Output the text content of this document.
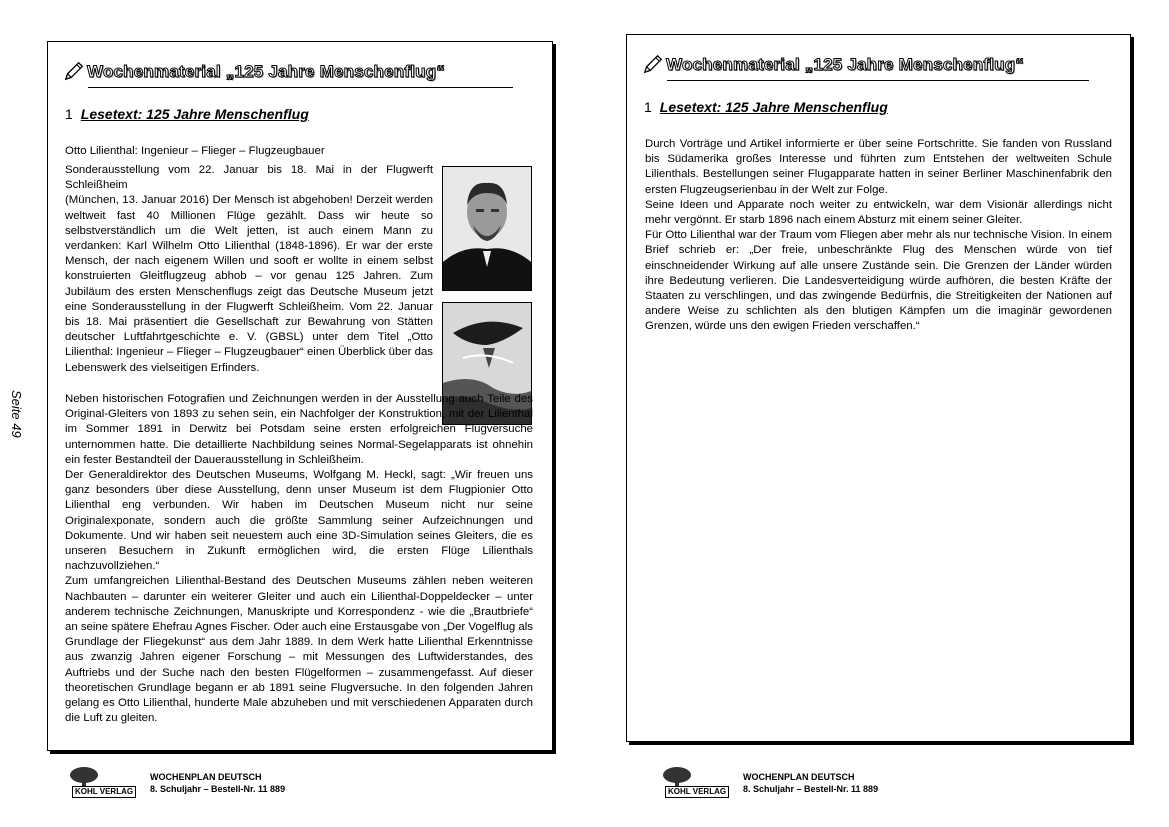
Seite 49
Wochenmaterial „125 Jahre Menschenflug“
1 Lesetext: 125 Jahre Menschenflug
Otto Lilienthal: Ingenieur – Flieger – Flugzeugbauer

Sonderausstellung vom 22. Januar bis 18. Mai in der Flugwerft Schleißheim

(München, 13. Januar 2016) Der Mensch ist abgehoben! Derzeit werden weltweit fast 40 Millionen Flüge gezählt. Dass wir heute so selbstverständlich um die Welt jetten, ist auch einem Mann zu verdanken: Karl Wilhelm Otto Lilienthal (1848-1896). Er war der erste Mensch, der nach eigenem Willen und sooft er wollte in einem selbst konstruierten Gleitflugzeug abhob – vor genau 125 Jahren. Zum Jubiläum des ersten Menschenflugs zeigt das Deutsche Museum jetzt eine Sonderausstellung in der Flugwerft Schleißheim. Vom 22. Januar bis 18. Mai präsentiert die Gesellschaft zur Bewahrung von Stätten deutscher Luftfahrtgeschichte e. V. (GBSL) unter dem Titel „Otto Lilienthal: Ingenieur – Flieger – Flugzeugbauer“ einen Überblick über das Lebenswerk des vielseitigen Erfinders.

Neben historischen Fotografien und Zeichnungen werden in der Ausstellung auch Teile des Original-Gleiters von 1893 zu sehen sein, ein Nachfolger der Konstruktion, mit der Lilienthal im Sommer 1891 in Derwitz bei Potsdam seine ersten erfolgreichen Flugversuche unternommen hatte. Die detaillierte Nachbildung seines Normal-Segelapparats ist ohnehin ein fester Bestandteil der Dauerausstellung in Schleißheim.

Der Generaldirektor des Deutschen Museums, Wolfgang M. Heckl, sagt: „Wir freuen uns ganz besonders über diese Ausstellung, denn unser Museum ist dem Flugpionier Otto Lilienthal eng verbunden. Wir haben im Deutschen Museum nicht nur seine Originalexponate, sondern auch die größte Sammlung seiner Aufzeichnungen und Dokumente. Und wir haben seit neuestem auch eine 3D-Simulation seines Gleiters, die es unseren Besuchern in Zukunft ermöglichen wird, die ersten Flüge Lilienthals nachzuvollziehen.“

Zum umfangreichen Lilienthal-Bestand des Deutschen Museums zählen neben weiteren Nachbauten – darunter ein weiterer Gleiter und auch ein Lilienthal-Doppeldecker – unter anderem technische Zeichnungen, Manuskripte und Korrespondenz - wie die „Brautbriefe“ an seine spätere Ehefrau Agnes Fischer. Oder auch eine Erstausgabe von „Der Vogelflug als Grundlage der Fliegekunst“ aus dem Jahr 1889. In dem Werk hatte Lilienthal Erkenntnisse aus zwanzig Jahren eigener Forschung – mit Messungen des Luftwiderstandes, des Auftriebs und der Suche nach den besten Flügelformen – zusammengefasst. Auf dieser theoretischen Grundlage begann er ab 1891 seine Flugversuche. In den folgenden Jahren gelang es Otto Lilienthal, hunderte Male abzuheben und mit verschiedenen Apparaten durch die Luft zu gleiten.

Wochenmaterial „125 Jahre Menschenflug“
1 Lesetext: 125 Jahre Menschenflug

Durch Vorträge und Artikel informierte er über seine Fortschritte. Sie fanden von Russland bis Südamerika großes Interesse und führten zum Entstehen der weltweiten Schule Lilienthals. Bestellungen seiner Flugapparate hatten in seiner Berliner Maschinenfabrik den ersten Flugzeugserienbau in der Welt zur Folge.

Seine Ideen und Apparate noch weiter zu entwickeln, war dem Visionär allerdings nicht mehr vergönnt. Er starb 1896 nach einem Absturz mit einem seiner Gleiter.

Für Otto Lilienthal war der Traum vom Fliegen aber mehr als nur technische Vision. In einem Brief schrieb er: „Der freie, unbeschränkte Flug des Menschen würde von tief einschneidender Wirkung auf alle unsere Zustände sein. Die Grenzen der Länder würden ihre Bedeutung verlieren. Die Landesverteidigung würde aufhören, die besten Kräfte der Staaten zu verschlingen, und das zwingende Bedürfnis, die Streitigkeiten der Nationen auf andere Weise zu schlichten als den blutigen Kämpfen um die imaginär gewordenen Grenzen, würde uns den ewigen Frieden verschaffen.“

KOHL VERLAG
WOCHENPLAN DEUTSCH
8. Schuljahr – Bestell-Nr. 11 889	KOHL VERLAG
WOCHENPLAN DEUTSCH
8. Schuljahr – Bestell-Nr. 11 889
